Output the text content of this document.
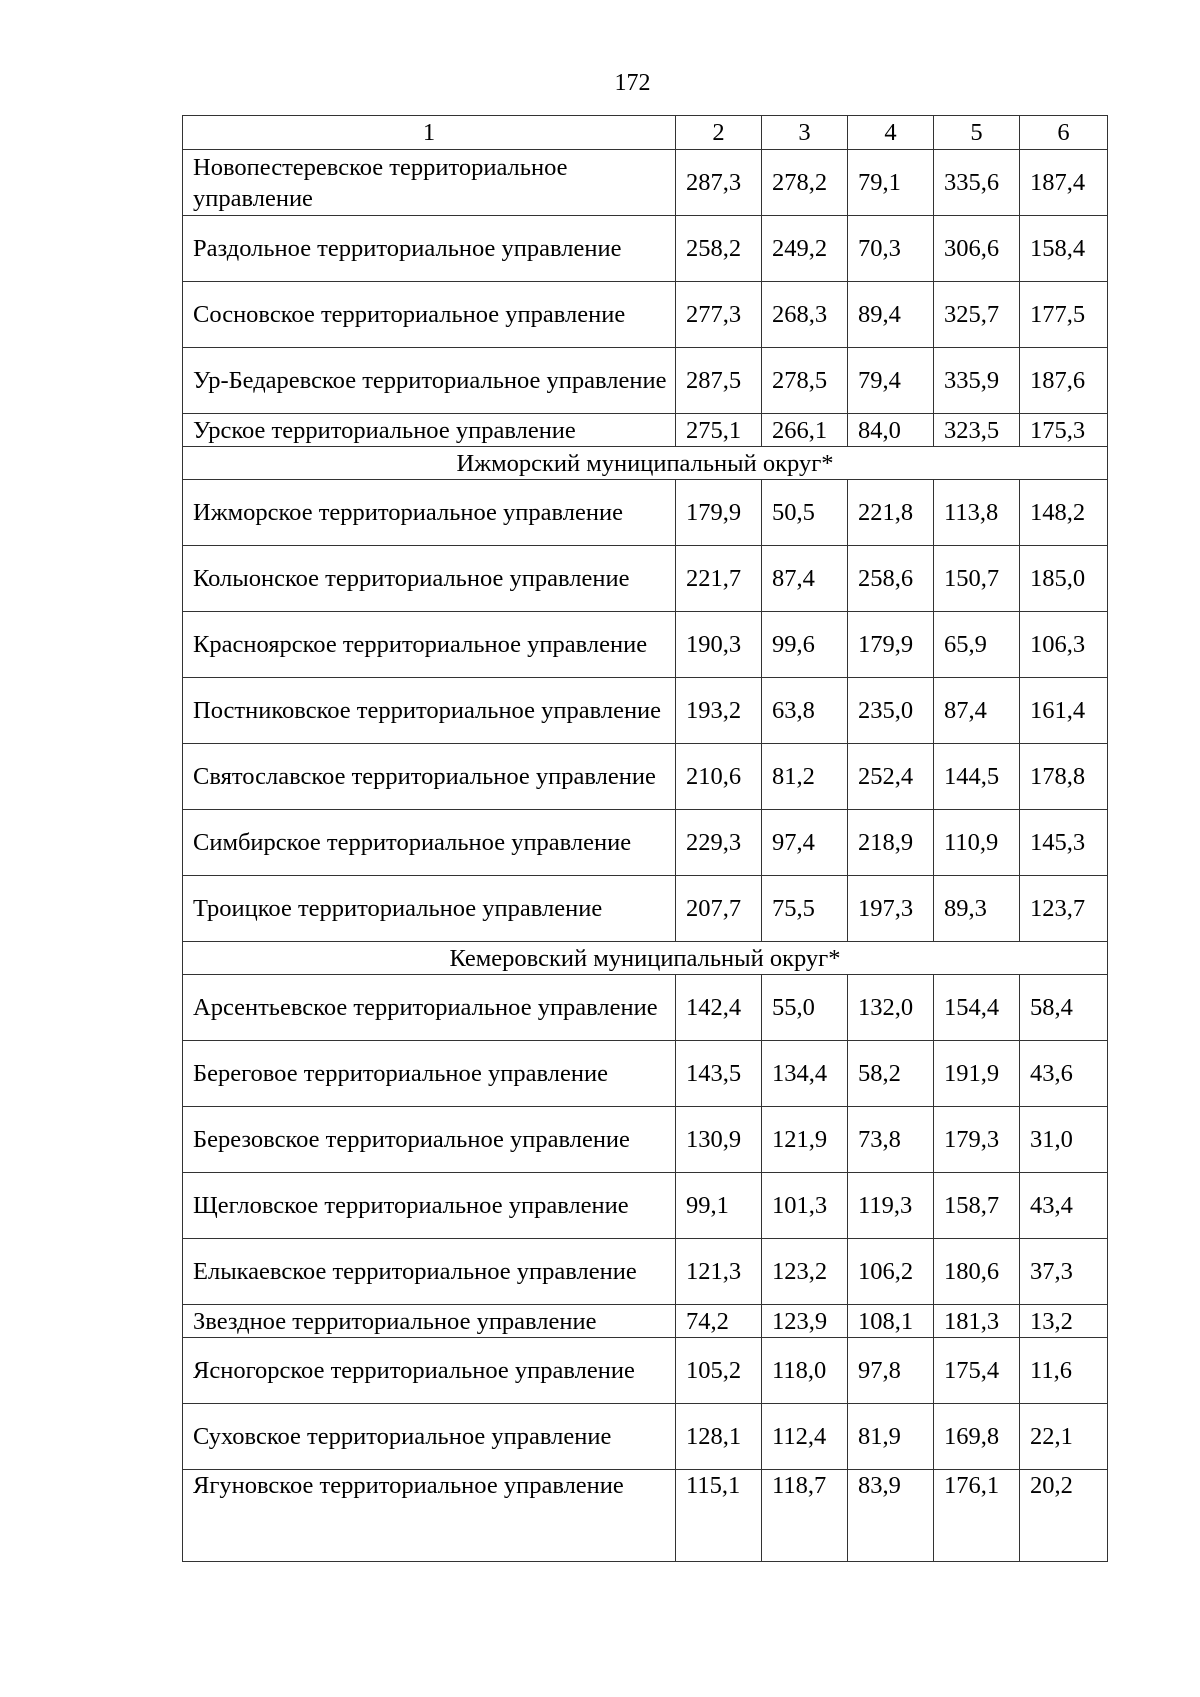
172
1	2	3	4	5	6
Новопестеревское территориальное управление	287,3	278,2	79,1	335,6	187,4
Раздольное территориальное управление	258,2	249,2	70,3	306,6	158,4
Сосновское территориальное управление	277,3	268,3	89,4	325,7	177,5
Ур-Бедаревское территориальное управление	287,5	278,5	79,4	335,9	187,6
Урское территориальное управление	275,1	266,1	84,0	323,5	175,3
Ижморский муниципальный округ*					
Ижморское территориальное управление	179,9	50,5	221,8	113,8	148,2
Колыонское территориальное управление	221,7	87,4	258,6	150,7	185,0
Красноярское территориальное управление	190,3	99,6	179,9	65,9	106,3
Постниковское территориальное управление	193,2	63,8	235,0	87,4	161,4
Святославское территориальное управление	210,6	81,2	252,4	144,5	178,8
Симбирское территориальное управление	229,3	97,4	218,9	110,9	145,3
Троицкое территориальное управление	207,7	75,5	197,3	89,3	123,7
Кемеровский муниципальный округ*					
Арсентьевское территориальное управление	142,4	55,0	132,0	154,4	58,4
Береговое территориальное управление	143,5	134,4	58,2	191,9	43,6
Березовское территориальное управление	130,9	121,9	73,8	179,3	31,0
Щегловское территориальное управление	99,1	101,3	119,3	158,7	43,4
Елыкаевское территориальное управление	121,3	123,2	106,2	180,6	37,3
Звездное территориальное управление	74,2	123,9	108,1	181,3	13,2
Ясногорское территориальное управление	105,2	118,0	97,8	175,4	11,6
Суховское территориальное управление	128,1	112,4	81,9	169,8	22,1
Ягуновское территориальное управление	115,1	118,7	83,9	176,1	20,2
